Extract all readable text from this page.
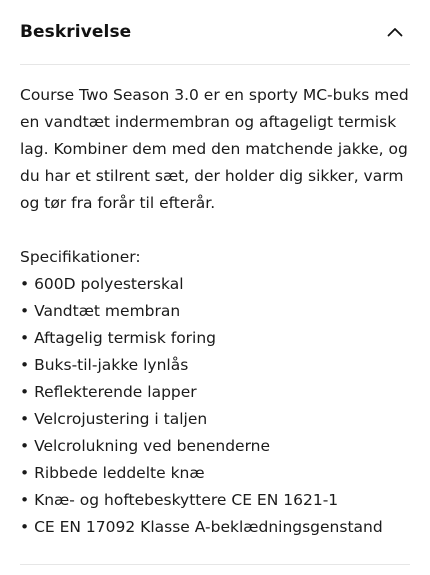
Beskrivelse

Course Two Season 3.0 er en sporty MC-buks med en vandtæt indermembran og aftageligt termisk lag. Kombiner dem med den matchende jakke, og du har et stilrent sæt, der holder dig sikker, varm og tør fra forår til efterår.

Specifikationer:

• 600D polyesterskal
• Vandtæt membran
• Aftagelig termisk foring
• Buks-til-jakke lynlås
• Reflekterende lapper
• Velcrojustering i taljen
• Velcrolukning ved benenderne
• Ribbede leddelte knæ
• Knæ- og hoftebeskyttere CE EN 1621-1
• CE EN 17092 Klasse A-beklædningsgenstand
